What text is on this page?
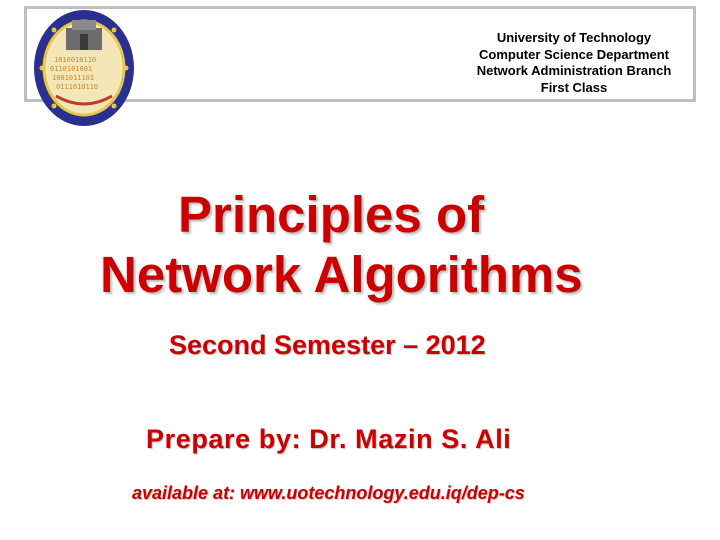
1010010110
0110101001
1001011101
0111010110
University of Technology
Computer Science Department
Network Administration Branch
First Class
Principles of
Network Algorithms
Second Semester – 2012
Prepare by: Dr. Mazin S. Ali
available at: www.uotechnology.edu.iq/dep-cs
